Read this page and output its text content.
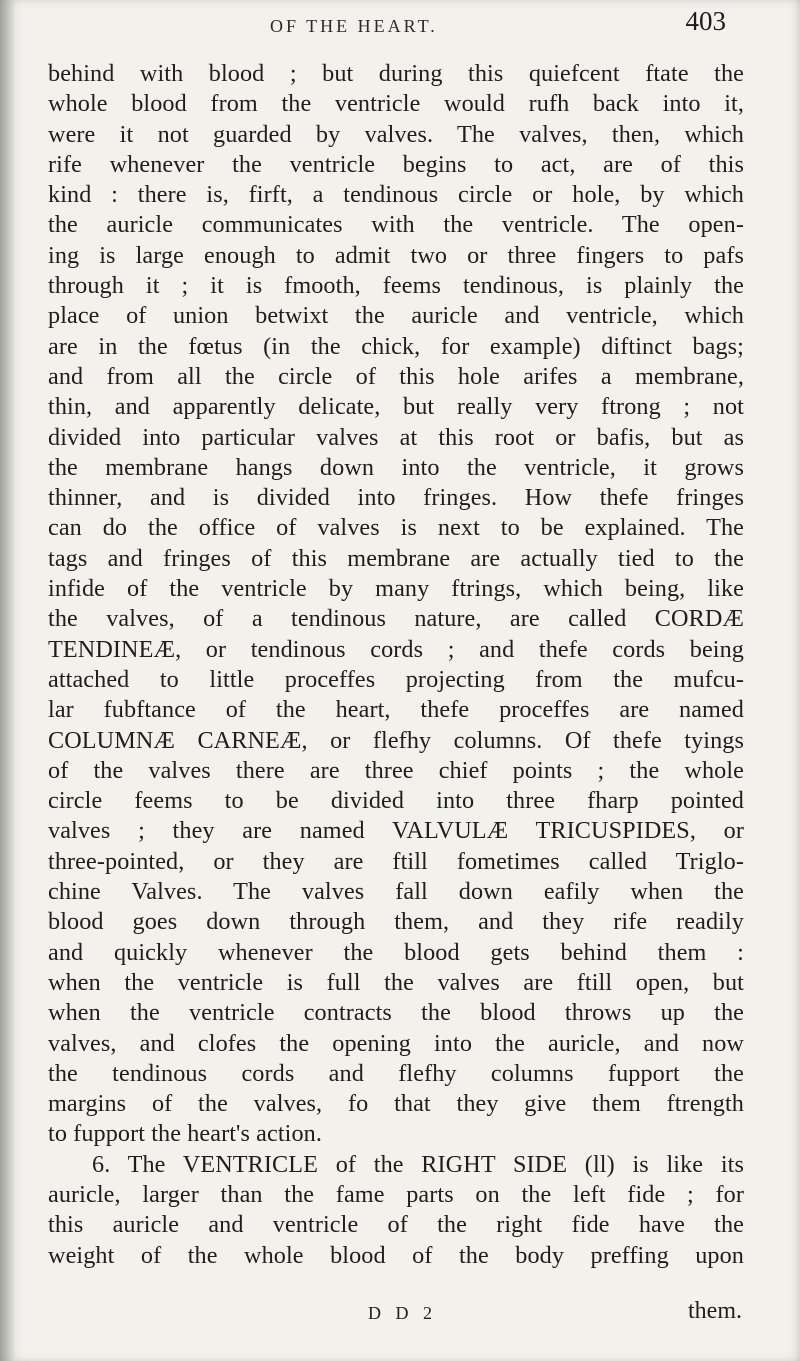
OF THE HEART.	403
behind with blood ; but during this quiefcent ftate the
whole blood from the ventricle would rufh back into it,
were it not guarded by valves. The valves, then, which
rife whenever the ventricle begins to act, are of this
kind : there is, firft, a tendinous circle or hole, by which
the auricle communicates with the ventricle. The open-
ing is large enough to admit two or three fingers to pafs
through it ; it is fmooth, feems tendinous, is plainly the
place of union betwixt the auricle and ventricle, which
are in the fœtus (in the chick, for example) diftinct bags;
and from all the circle of this hole arifes a membrane,
thin, and apparently delicate, but really very ftrong ; not
divided into particular valves at this root or bafis, but as
the membrane hangs down into the ventricle, it grows
thinner, and is divided into fringes. How thefe fringes
can do the office of valves is next to be explained. The
tags and fringes of this membrane are actually tied to the
infide of the ventricle by many ftrings, which being, like
the valves, of a tendinous nature, are called CORDÆ
TENDINEÆ, or tendinous cords ; and thefe cords being
attached to little proceffes projecting from the mufcu-
lar fubftance of the heart, thefe proceffes are named
COLUMNÆ CARNEÆ, or flefhy columns. Of thefe tyings
of the valves there are three chief points ; the whole
circle feems to be divided into three fharp pointed
valves ; they are named VALVULÆ TRICUSPIDES, or
three-pointed, or they are ftill fometimes called Triglo-
chine Valves. The valves fall down eafily when the
blood goes down through them, and they rife readily
and quickly whenever the blood gets behind them :
when the ventricle is full the valves are ftill open, but
when the ventricle contracts the blood throws up the
valves, and clofes the opening into the auricle, and now
the tendinous cords and flefhy columns fupport the
margins of the valves, fo that they give them ftrength
to fupport the heart's action.
6. The VENTRICLE of the RIGHT SIDE (ll) is like its
auricle, larger than the fame parts on the left fide ; for
this auricle and ventricle of the right fide have the
weight of the whole blood of the body preffing upon
D D 2	them.
